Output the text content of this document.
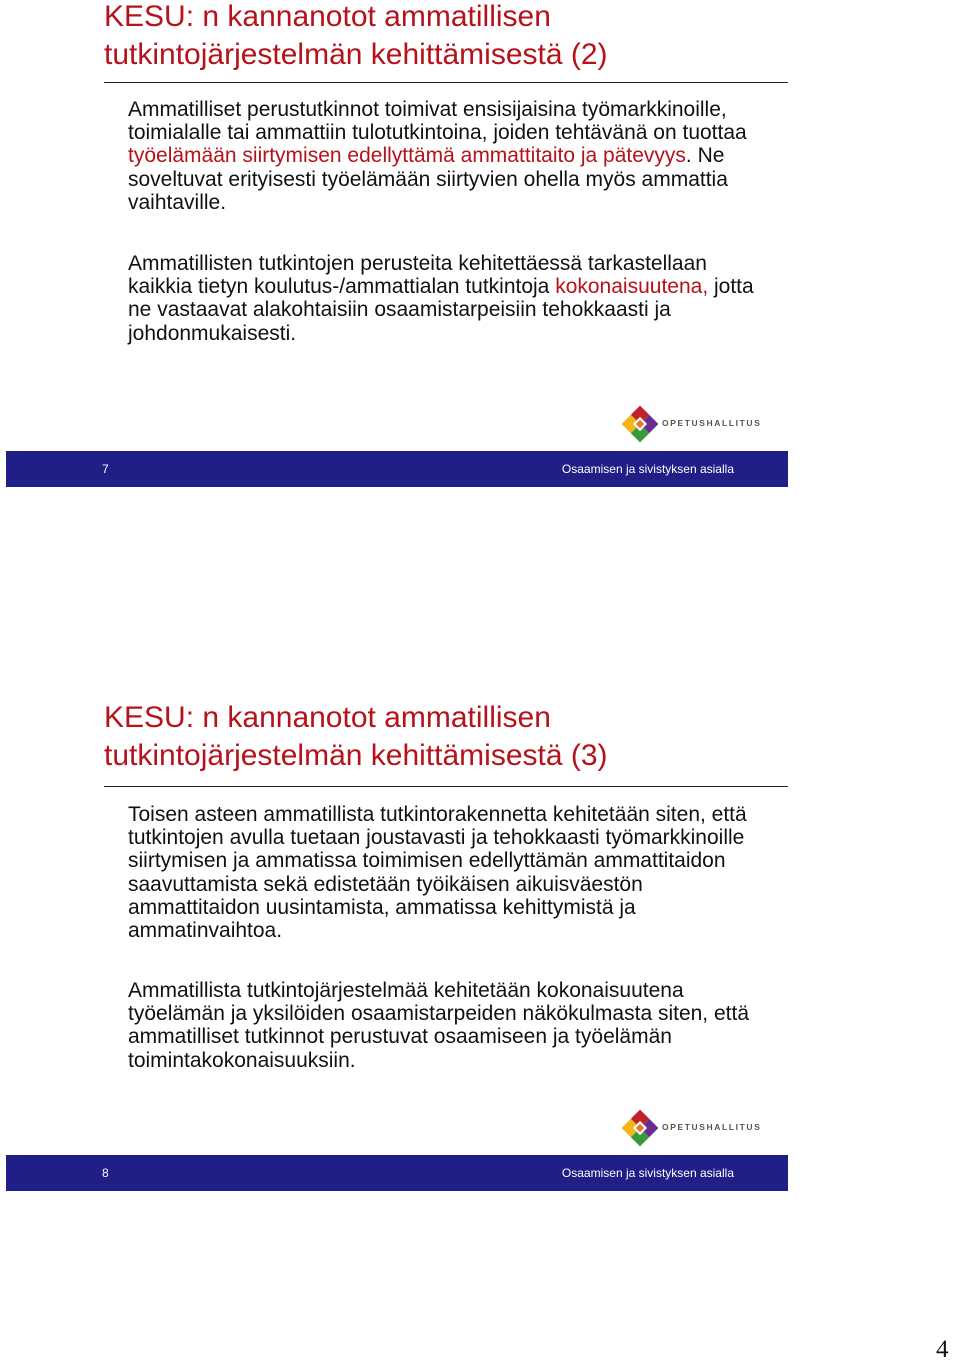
KESU: n kannanotot ammatillisen
tutkintojärjestelmän kehittämisestä (2)

Ammatilliset perustutkinnot toimivat ensisijaisina työmarkkinoille, toimialalle tai ammattiin tulotutkintoina, joiden tehtävänä on tuottaa työelämään siirtymisen edellyttämä ammattitaito ja pätevyys. Ne soveltuvat erityisesti työelämään siirtyvien ohella myös ammattia vaihtaville.

Ammatillisten tutkintojen perusteita kehitettäessä tarkastellaan kaikkia tietyn koulutus-/ammattialan tutkintoja kokonaisuutena, jotta ne vastaavat alakohtaisiin osaamistarpeisiin tehokkaasti ja johdonmukaisesti.

OPETUSHALLITUS
7	Osaamisen ja sivistyksen asialla
KESU: n kannanotot ammatillisen
tutkintojärjestelmän kehittämisestä (3)

Toisen asteen ammatillista tutkintorakennetta kehitetään siten, että tutkintojen avulla tuetaan joustavasti ja tehokkaasti työmarkkinoille siirtymisen ja ammatissa toimimisen edellyttämän ammattitaidon saavuttamista sekä edistetään työikäisen aikuisväestön ammattitaidon uusintamista, ammatissa kehittymistä ja ammatinvaihtoa.

Ammatillista tutkintojärjestelmää kehitetään kokonaisuutena työelämän ja yksilöiden osaamistarpeiden näkökulmasta siten, että ammatilliset tutkinnot perustuvat osaamiseen ja työelämän toimintakokonaisuuksiin.

OPETUSHALLITUS
8	Osaamisen ja sivistyksen asialla
4
